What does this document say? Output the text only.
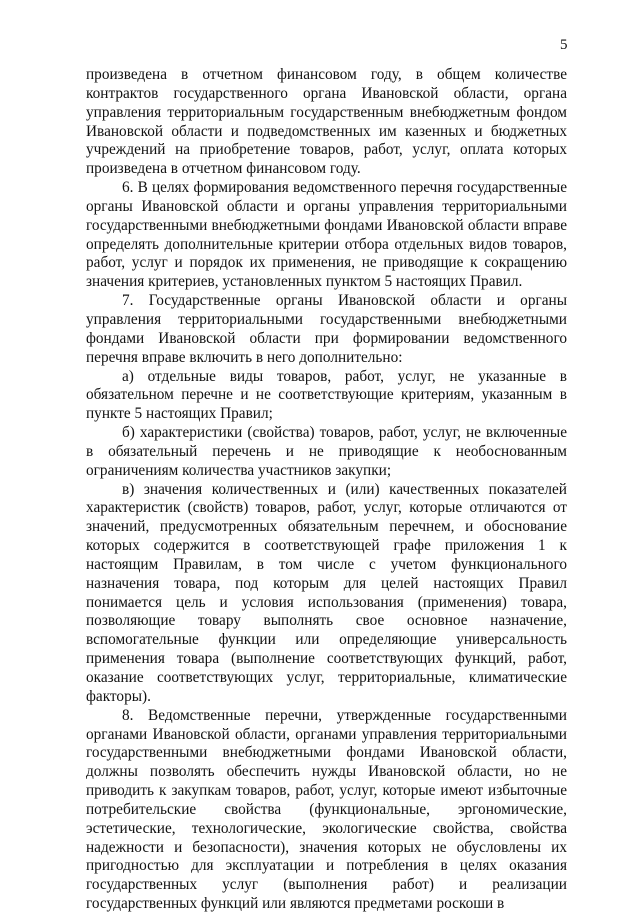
5

произведена в отчетном финансовом году, в общем количестве контрактов государственного органа Ивановской области, органа управления территориальным государственным внебюджетным фондом Ивановской области и подведомственных им казенных и бюджетных учреждений на приобретение товаров, работ, услуг, оплата которых произведена в отчетном финансовом году.

6. В целях формирования ведомственного перечня государственные органы Ивановской области и органы управления территориальными государственными внебюджетными фондами Ивановской области вправе определять дополнительные критерии отбора отдельных видов товаров, работ, услуг и порядок их применения, не приводящие к сокращению значения критериев, установленных пунктом 5 настоящих Правил.

7. Государственные органы Ивановской области и органы управления территориальными государственными внебюджетными фондами Ивановской области при формировании ведомственного перечня вправе включить в него дополнительно:

а) отдельные виды товаров, работ, услуг, не указанные в обязательном перечне и не соответствующие критериям, указанным в пункте 5 настоящих Правил;

б) характеристики (свойства) товаров, работ, услуг, не включенные в обязательный перечень и не приводящие к необоснованным ограничениям количества участников закупки;

в) значения количественных и (или) качественных показателей характеристик (свойств) товаров, работ, услуг, которые отличаются от значений, предусмотренных обязательным перечнем, и обоснование которых содержится в соответствующей графе приложения 1 к настоящим Правилам, в том числе с учетом функционального назначения товара, под которым для целей настоящих Правил понимается цель и условия использования (применения) товара, позволяющие товару выполнять свое основное назначение, вспомогательные функции или определяющие универсальность применения товара (выполнение соответствующих функций, работ, оказание соответствующих услуг, территориальные, климатические факторы).

8. Ведомственные перечни, утвержденные государственными органами Ивановской области, органами управления территориальными государственными внебюджетными фондами Ивановской области, должны позволять обеспечить нужды Ивановской области, но не приводить к закупкам товаров, работ, услуг, которые имеют избыточные потребительские свойства (функциональные, эргономические, эстетические, технологические, экологические свойства, свойства надежности и безопасности), значения которых не обусловлены их пригодностью для эксплуатации и потребления в целях оказания государственных услуг (выполнения работ) и реализации государственных функций или являются предметами роскоши в
